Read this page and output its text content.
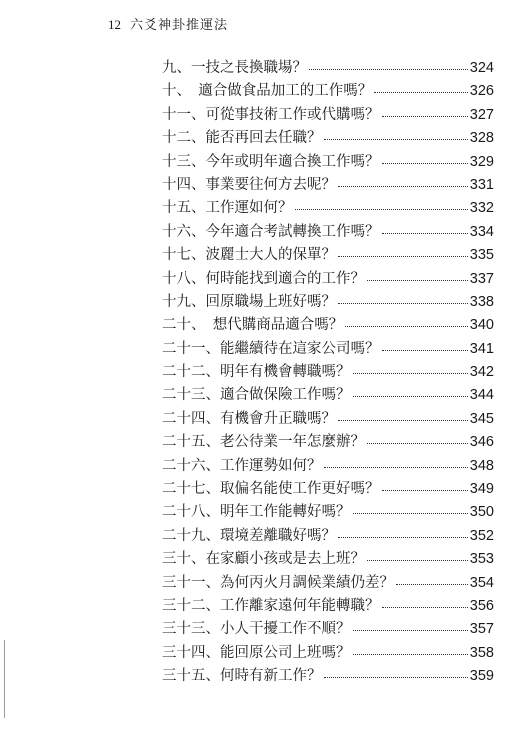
12 六爻神卦推運法
九、 一技之長換職場？	324
十、　 適合做食品加工的工作嗎？	326
十一、 可從事技術工作或代購嗎？	327
十二、 能否再回去任職？	328
十三、 今年或明年適合換工作嗎？	329
十四、 事業要往何方去呢？	331
十五、 工作運如何？	332
十六、 今年適合考試轉換工作嗎？	334
十七、 波麗士大人的保單？	335
十八、 何時能找到適合的工作？	337
十九、 回原職場上班好嗎？	338
二十、　 想代購商品適合嗎？	340
二十一、 能繼續待在這家公司嗎？	341
二十二、 明年有機會轉職嗎？	342
二十三、 適合做保險工作嗎？	344
二十四、 有機會升正職嗎？	345
二十五、 老公待業一年怎麼辦？	346
二十六、 工作運勢如何？	348
二十七、 取偏名能使工作更好嗎？	349
二十八、 明年工作能轉好嗎？	350
二十九、 環境差離職好嗎？	352
三十、 在家顧小孩或是去上班？	353
三十一、 為何丙火月調候業績仍差？	354
三十二、 工作離家遠何年能轉職？	356
三十三、 小人干擾工作不順？	357
三十四、 能回原公司上班嗎？	358
三十五、 何時有新工作？	359
